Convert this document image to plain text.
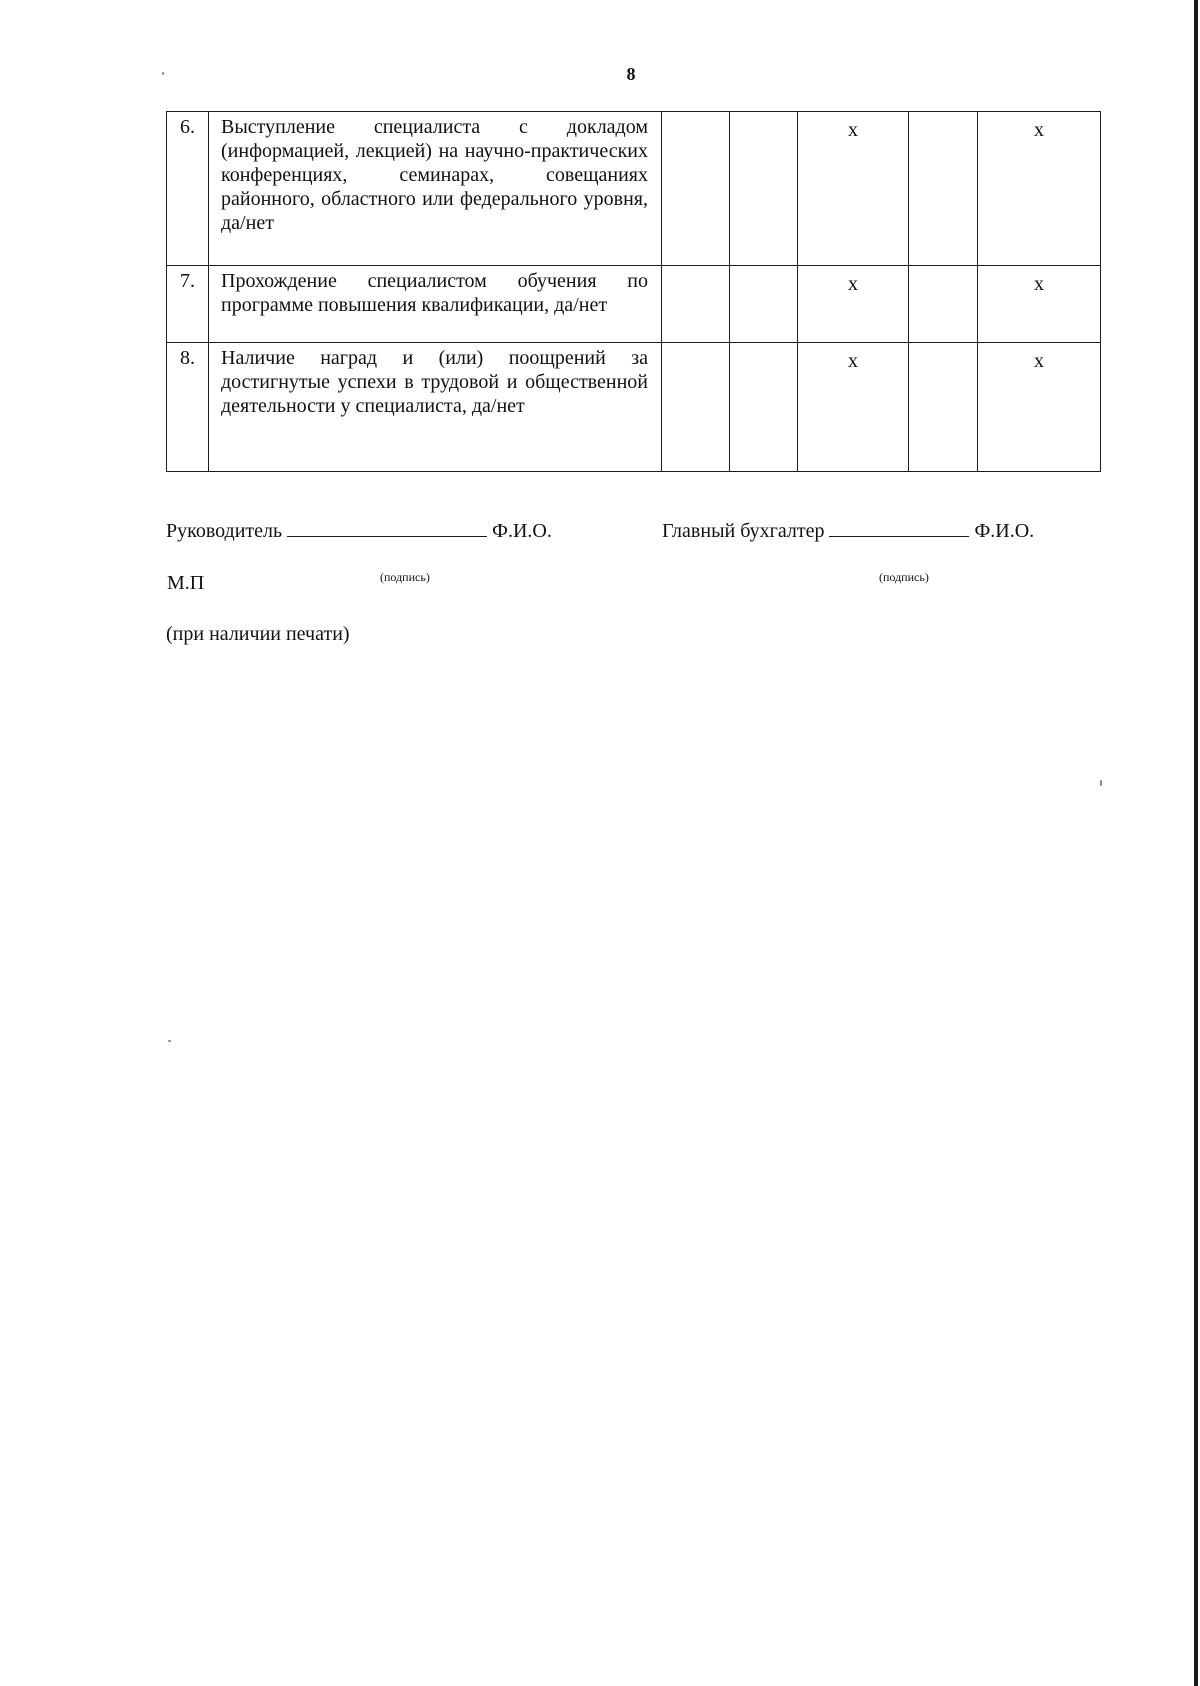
8
6.	Выступление специалиста с докладом (информацией, лекцией) на научно-практических конференциях, семинарах, совещаниях районного, областного или федерального уровня, да/нет			x		x
7.	Прохождение специалистом обучения по программе повышения квалификации, да/нет			x		x
8.	Наличие наград и (или) поощрений за достигнутые успехи в трудовой и общественной деятельности у специалиста, да/нет			x		x
Руководитель	Ф.И.О.	Главный бухгалтер	Ф.И.О.
(подпись)	(подпись)
М.П
(при наличии печати)
